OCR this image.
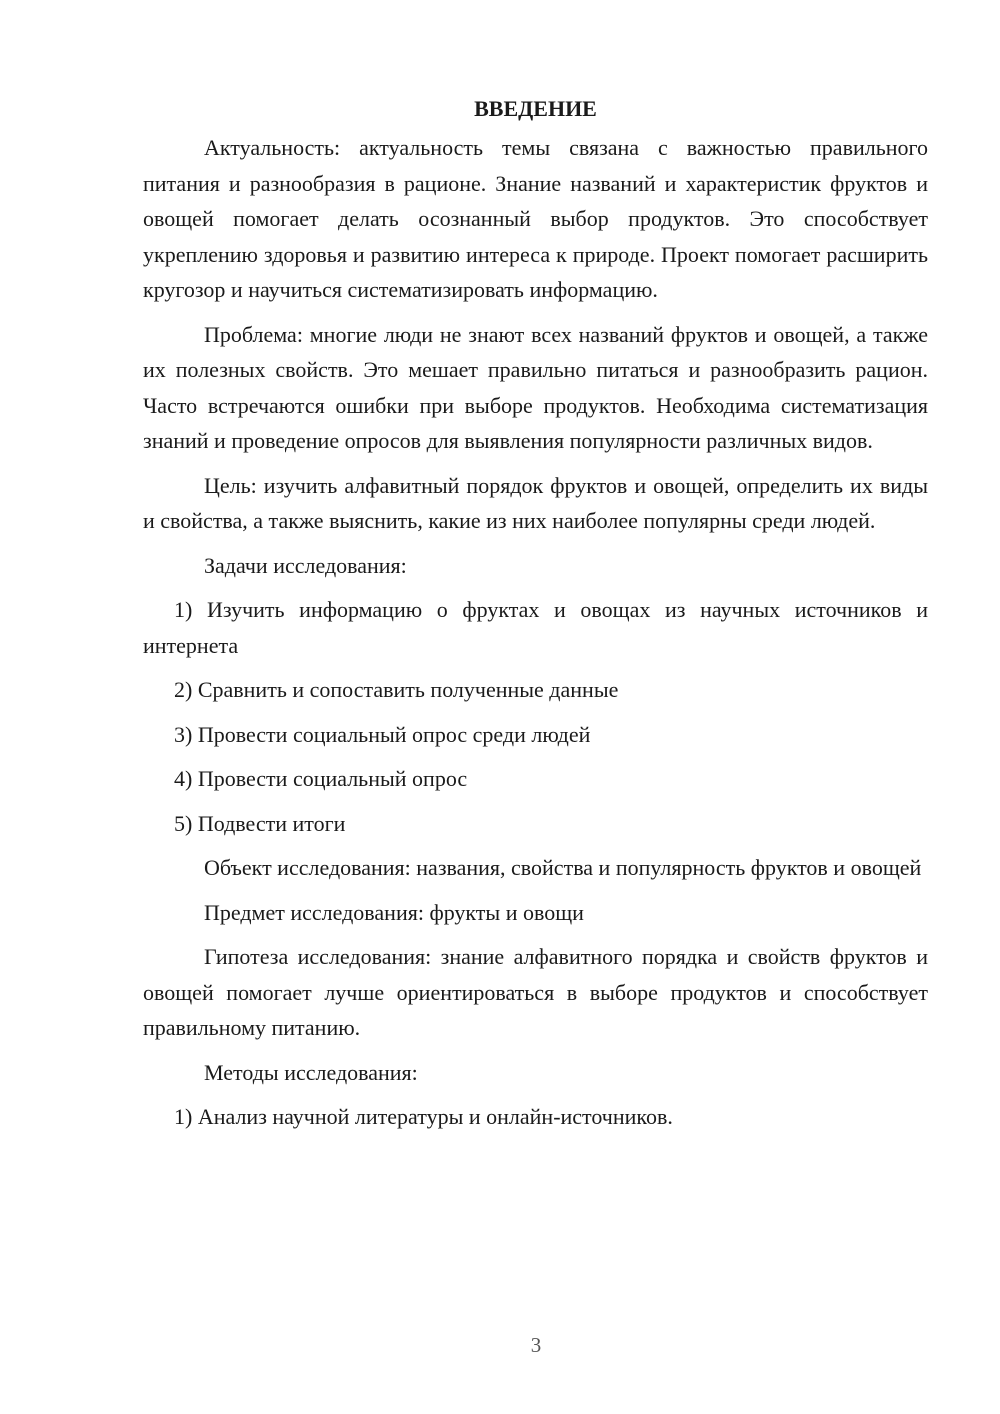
ВВЕДЕНИЕ

Актуальность: актуальность темы связана с важностью правильного питания и разнообразия в рационе. Знание названий и характеристик фруктов и овощей помогает делать осознанный выбор продуктов. Это способствует укреплению здоровья и развитию интереса к природе. Проект помогает расширить кругозор и научиться систематизировать информацию.

Проблема: многие люди не знают всех названий фруктов и овощей, а также их полезных свойств. Это мешает правильно питаться и разнообразить рацион. Часто встречаются ошибки при выборе продуктов. Необходима систематизация знаний и проведение опросов для выявления популярности различных видов.

Цель: изучить алфавитный порядок фруктов и овощей, определить их виды и свойства, а также выяснить, какие из них наиболее популярны среди людей.

Задачи исследования:

1) Изучить информацию о фруктах и овощах из научных источников и интернета

2) Сравнить и сопоставить полученные данные

3) Провести социальный опрос среди людей

4) Провести социальный опрос

5) Подвести итоги

Объект исследования: названия, свойства и популярность фруктов и овощей

Предмет исследования: фрукты и овощи

Гипотеза исследования: знание алфавитного порядка и свойств фруктов и овощей помогает лучше ориентироваться в выборе продуктов и способствует правильному питанию.

Методы исследования:

1) Анализ научной литературы и онлайн-источников.

3
